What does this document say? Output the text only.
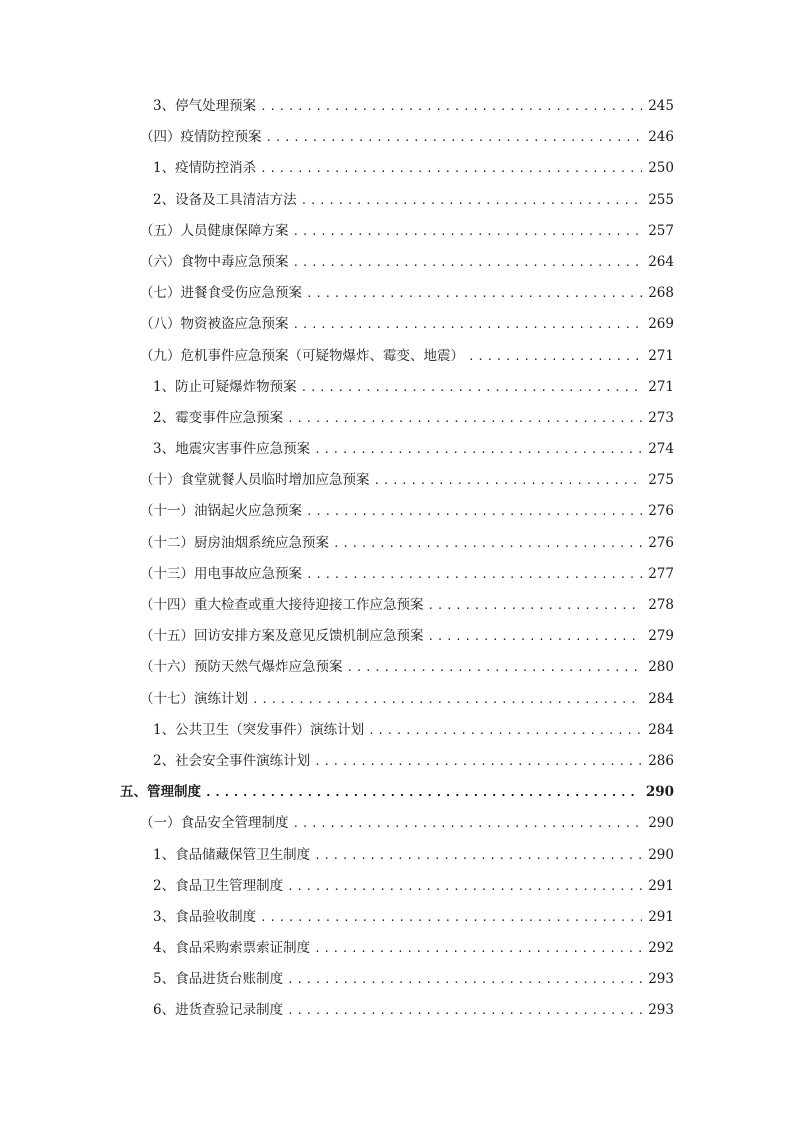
3、 停气处理预案 .....	245
（四） 疫情防控预案 .....	246
1、 疫情防控消杀 .....	250
2、 设备及工具清洁方法 .....	255
（五） 人员健康保障方案 .....	257
（六） 食物中毒应急预案 .....	264
（七） 进餐食受伤应急预案 .....	268
（八） 物资被盗应急预案 .....	269
（九） 危机事件应急预案（可疑物爆炸、霉变、地震） .....	271
1、 防止可疑爆炸物预案 .....	271
2、 霉变事件应急预案 .....	273
3、 地震灾害事件应急预案 .....	274
（十） 食堂就餐人员临时增加应急预案 .....	275
（十一） 油锅起火应急预案 .....	276
（十二） 厨房油烟系统应急预案 .....	276
（十三） 用电事故应急预案 .....	277
（十四） 重大检查或重大接待迎接工作应急预案 .....	278
（十五） 回访安排方案及意见反馈机制应急预案 .....	279
（十六） 预防天然气爆炸应急预案 .....	280
（十七） 演练计划 .....	284
1、 公共卫生（突发事件）演练计划 .....	284
2、 社会安全事件演练计划 .....	286
五、 管理制度 .....	290
（一） 食品安全管理制度 .....	290
1、 食品储藏保管卫生制度 .....	290
2、 食品卫生管理制度 .....	291
3、 食品验收制度 .....	291
4、 食品采购索票索证制度 .....	292
5、 食品进货台账制度 .....	293
6、 进货查验记录制度 .....	293
